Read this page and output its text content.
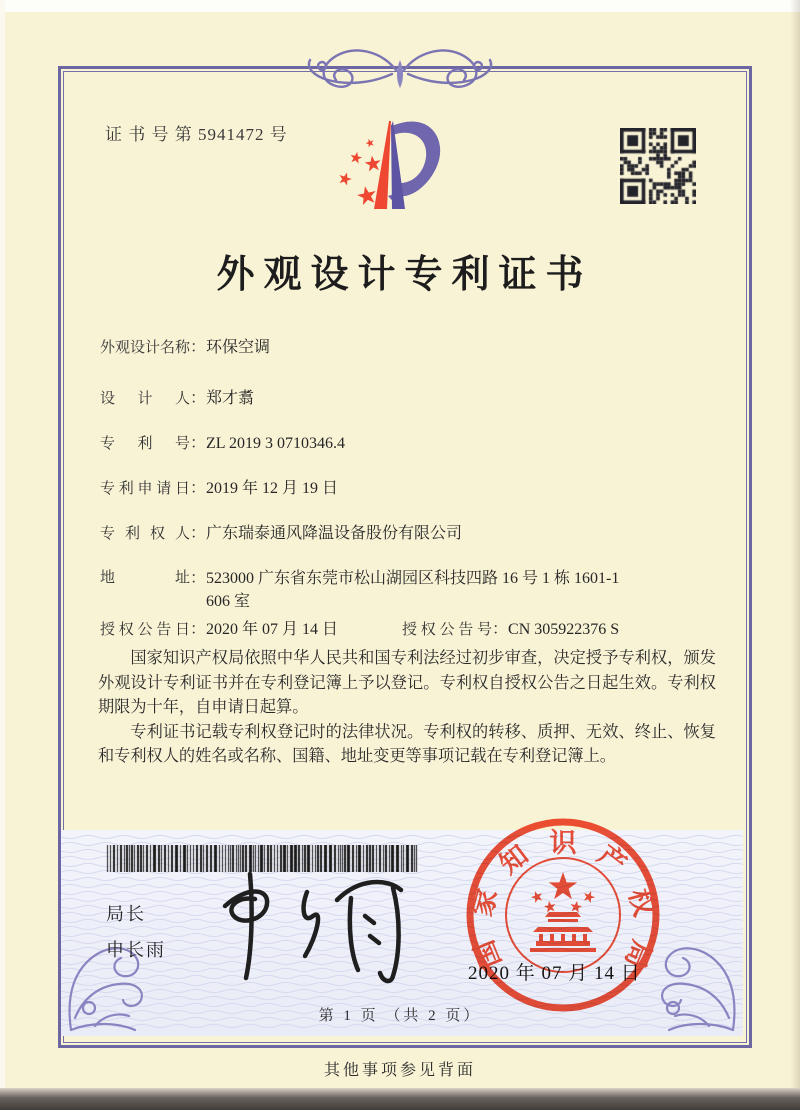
证 书 号 第 5941472 号
外观设计专利证书
外观设计名称：环保空调
设计人：郑才翥
专利号：ZL 2019 3 0710346.4
专利申请日：2019 年 12 月 19 日
专利权人：广东瑞泰通风降温设备股份有限公司
地址：523000 广东省东莞市松山湖园区科技四路 16 号 1 栋 1601-1
606 室
授权公告日：2020 年 07 月 14 日	授权公告号：CN 305922376 S

国家知识产权局依照中华人民共和国专利法经过初步审查，决定授予专利权，颁发外观设计专利证书并在专利登记簿上予以登记。专利权自授权公告之日起生效。专利权期限为十年，自申请日起算。

专利证书记载专利权登记时的法律状况。专利权的转移、质押、无效、终止、恢复和专利权人的姓名或名称、国籍、地址变更等事项记载在专利登记簿上。

局长
申长雨
2020 年 07 月 14 日
国
家
知 识 产
权
局
第 1 页 （共 2 页）
其他事项参见背面
